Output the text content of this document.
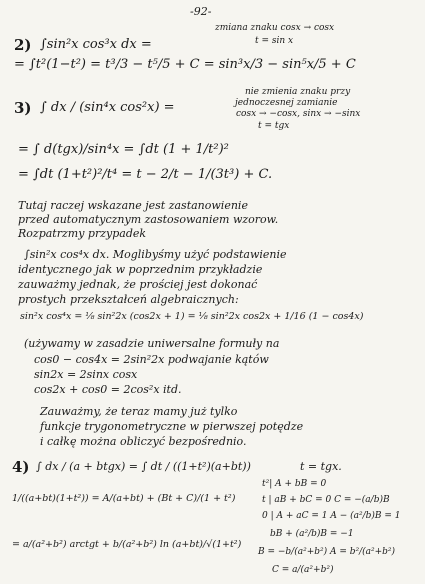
-92-
2) ∫sin²x cos³x dx =
zmiana znaku cosx → cosx
t = sin x
= ∫t²(1−t²) = t³/3 − t⁵/5 + C = sin³x/3 − sin⁵x/5 + C
3) ∫ dx / (sin⁴x cos²x) =
nie zmienia znaku przy
jednoczesnej zamianie
cosx → −cosx, sinx → −sinx
t = tgx
= ∫ d(tgx)/sin⁴x = ∫dt (1 + 1/t²)²
= ∫dt (1+t²)²/t⁴ = t − 2/t − 1/(3t³) + C.
Tutaj raczej wskazane jest zastanowienie
przed automatycznym zastosowaniem wzorow.
Rozpatrzmy przypadek
∫sin²x cos⁴x dx. Moglibyśmy użyć podstawienie
identycznego jak w poprzednim przykładzie
zauważmy jednak, że prościej jest dokonać
prostych przekształceń algebraicznych:
sin²x cos⁴x = ⅛ sin²2x (cos2x + 1) = ⅛ sin²2x cos2x + 1/16 (1 − cos4x)
(używamy w zasadzie uniwersalne formuły na
cos0 − cos4x = 2sin²2x podwajanie kątów
sin2x = 2sinx cosx
cos2x + cos0 = 2cos²x itd.
Zauważmy, że teraz mamy już tylko
funkcje trygonometryczne w pierwszej potędze
i całkę można obliczyć bezpośrednio.
4) ∫ dx / (a + btgx) = ∫ dt / ((1+t²)(a+bt))	t = tgx.
1/((a+bt)(1+t²)) = A/(a+bt) + (Bt + C)/(1 + t²)
= a/(a²+b²) arctgt + b/(a²+b²) ln (a+bt)/√(1+t²)
t²| A + bB = 0
t | aB + bC = 0 C = −(a/b)B
0 | A + aC = 1 A − (a²/b)B = 1
bB + (a²/b)B = −1
B = −b/(a²+b²) A = b²/(a²+b²)
C = a/(a²+b²)
